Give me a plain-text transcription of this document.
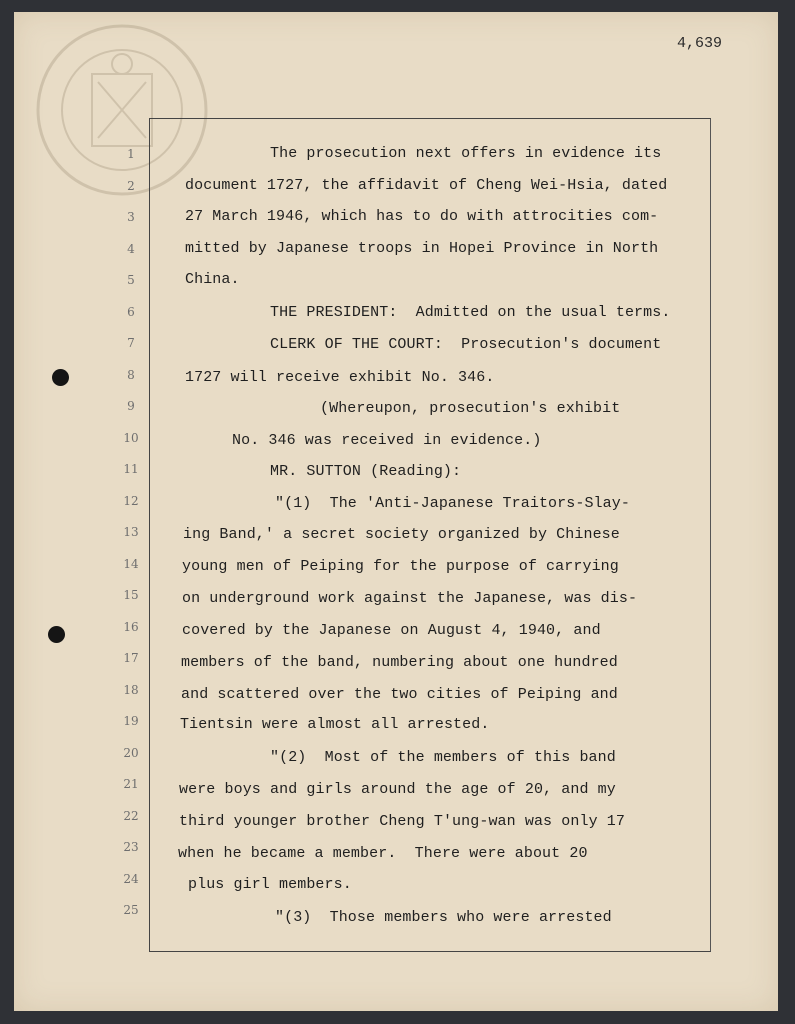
4,639
1
2
3
4
5
6
7
8
9
10
11
12
13
14
15
16
17
18
19
20
21
22
23
24
25
The prosecution next offers in evidence its
document 1727, the affidavit of Cheng Wei-Hsia, dated
27 March 1946, which has to do with attrocities com-
mitted by Japanese troops in Hopei Province in North
China.
THE PRESIDENT:  Admitted on the usual terms.
CLERK OF THE COURT:  Prosecution's document
1727 will receive exhibit No. 346.
(Whereupon, prosecution's exhibit
No. 346 was received in evidence.)
MR. SUTTON (Reading):
"(1)  The 'Anti-Japanese Traitors-Slay-
ing Band,' a secret society organized by Chinese
young men of Peiping for the purpose of carrying
on underground work against the Japanese, was dis-
covered by the Japanese on August 4, 1940, and
members of the band, numbering about one hundred
and scattered over the two cities of Peiping and
Tientsin were almost all arrested.
"(2)  Most of the members of this band
were boys and girls around the age of 20, and my
third younger brother Cheng T'ung-wan was only 17
when he became a member.  There were about 20
plus girl members.
"(3)  Those members who were arrested
